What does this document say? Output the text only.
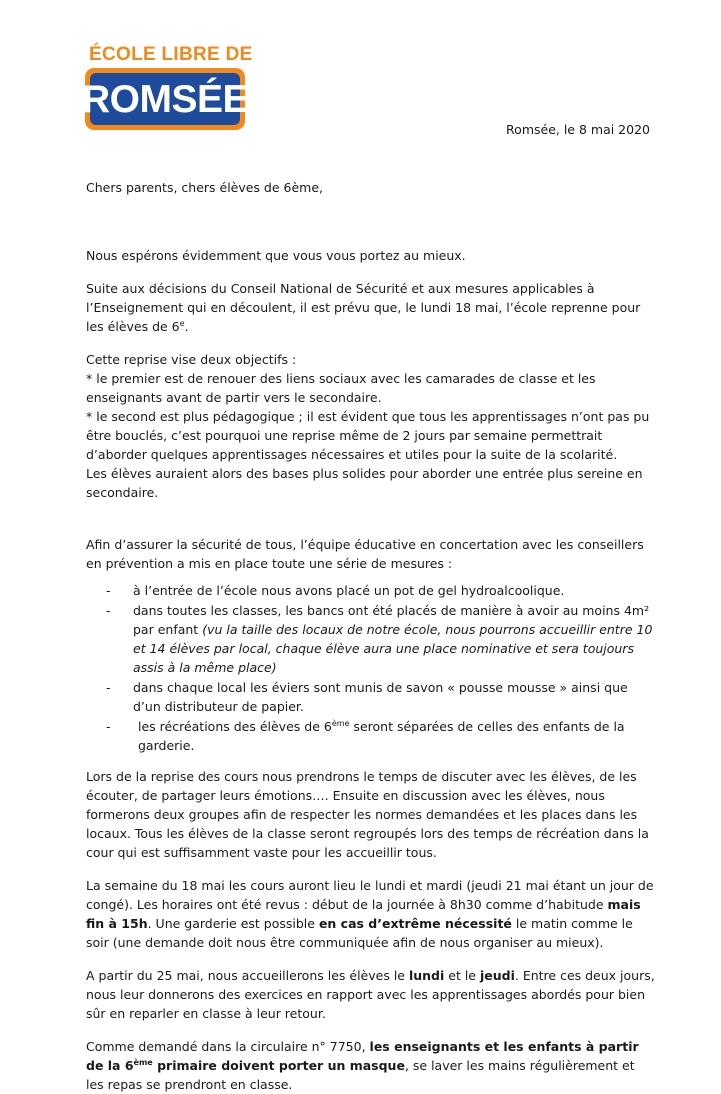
ÉCOLE LIBRE DE
ROMSÉE
Romsée, le 8 mai 2020

Chers parents, chers élèves de 6ème,

Nous espérons évidemment que vous vous portez au mieux.

Suite aux décisions du Conseil National de Sécurité et aux mesures applicables à l’Enseignement qui en découlent, il est prévu que, le lundi 18 mai, l’école reprenne pour les élèves de 6e.

Cette reprise vise deux objectifs :

* le premier est de renouer des liens sociaux avec les camarades de classe et les enseignants avant de partir vers le secondaire.

* le second est plus pédagogique ; il est évident que tous les apprentissages n’ont pas pu être bouclés, c’est pourquoi une reprise même de 2 jours par semaine permettrait d’aborder quelques apprentissages nécessaires et utiles pour la suite de la scolarité.

Les élèves auraient alors des bases plus solides pour aborder une entrée plus sereine en secondaire.

Afin d’assurer la sécurité de tous, l’équipe éducative en concertation avec les conseillers en prévention a mis en place toute une série de mesures :

- à l’entrée de l’école nous avons placé un pot de gel hydroalcoolique.
- dans toutes les classes, les bancs ont été placés de manière à avoir au moins 4m² par enfant (vu la taille des locaux de notre école, nous pourrons accueillir entre 10 et 14 élèves par local, chaque élève aura une place nominative et sera toujours assis à la même place)
- dans chaque local les éviers sont munis de savon « pousse mousse » ainsi que d’un distributeur de papier.
- les récréations des élèves de 6ème seront séparées de celles des enfants de la garderie.

Lors de la reprise des cours nous prendrons le temps de discuter avec les élèves, de les écouter, de partager leurs émotions…. Ensuite en discussion avec les élèves, nous formerons deux groupes afin de respecter les normes demandées et les places dans les locaux. Tous les élèves de la classe seront regroupés lors des temps de récréation dans la cour qui est suffisamment vaste pour les accueillir tous.

La semaine du 18 mai les cours auront lieu le lundi et mardi (jeudi 21 mai étant un jour de congé). Les horaires ont été revus : début de la journée à 8h30 comme d’habitude mais fin à 15h. Une garderie est possible en cas d’extrême nécessité le matin comme le soir (une demande doit nous être communiquée afin de nous organiser au mieux).

A partir du 25 mai, nous accueillerons les élèves le lundi et le jeudi. Entre ces deux jours, nous leur donnerons des exercices en rapport avec les apprentissages abordés pour bien sûr en reparler en classe à leur retour.

Comme demandé dans la circulaire n° 7750, les enseignants et les enfants à partir de la 6ème primaire doivent porter un masque, se laver les mains régulièrement et les repas se prendront en classe.
